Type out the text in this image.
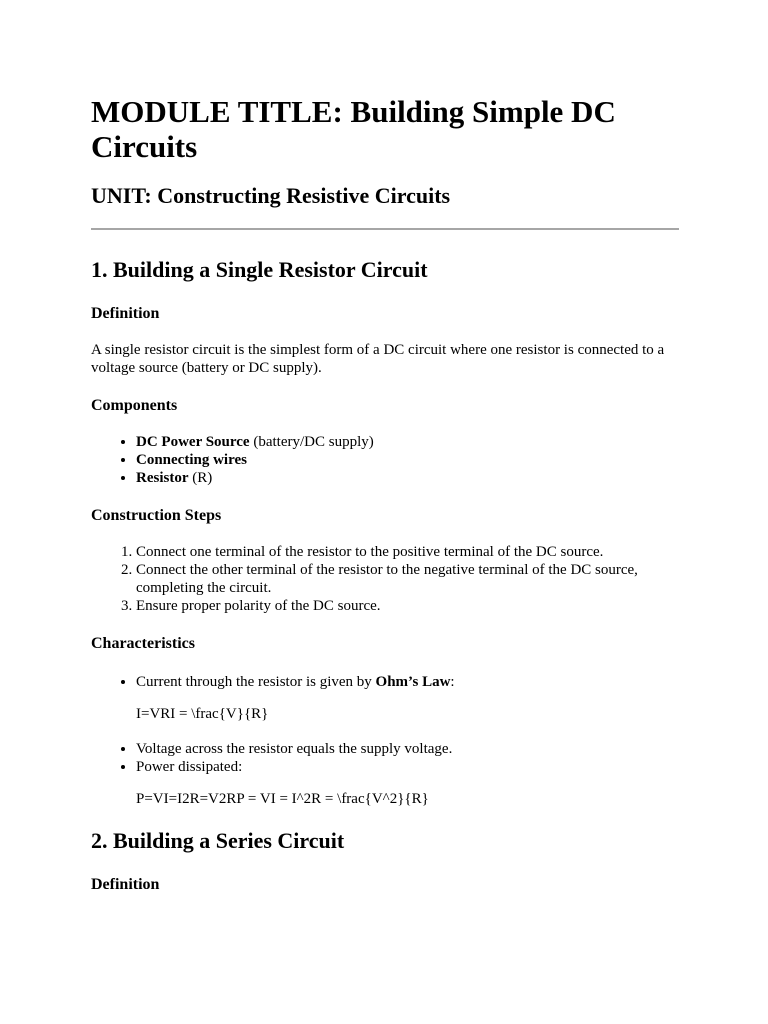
MODULE TITLE: Building Simple DC Circuits
UNIT: Constructing Resistive Circuits
1. Building a Single Resistor Circuit
Definition

A single resistor circuit is the simplest form of a DC circuit where one resistor is connected to a voltage source (battery or DC supply).

Components
• DC Power Source (battery/DC supply)
• Connecting wires
• Resistor (R)
Construction Steps
1. Connect one terminal of the resistor to the positive terminal of the DC source.
2. Connect the other terminal of the resistor to the negative terminal of the DC source, completing the circuit.
3. Ensure proper polarity of the DC source.
Characteristics
• Current through the resistor is given by Ohm’s Law:
I=VRI = \frac{V}{R}
• Voltage across the resistor equals the supply voltage.
• Power dissipated:
P=VI=I2R=V2RP = VI = I^2R = \frac{V^2}{R}
2. Building a Series Circuit
Definition
